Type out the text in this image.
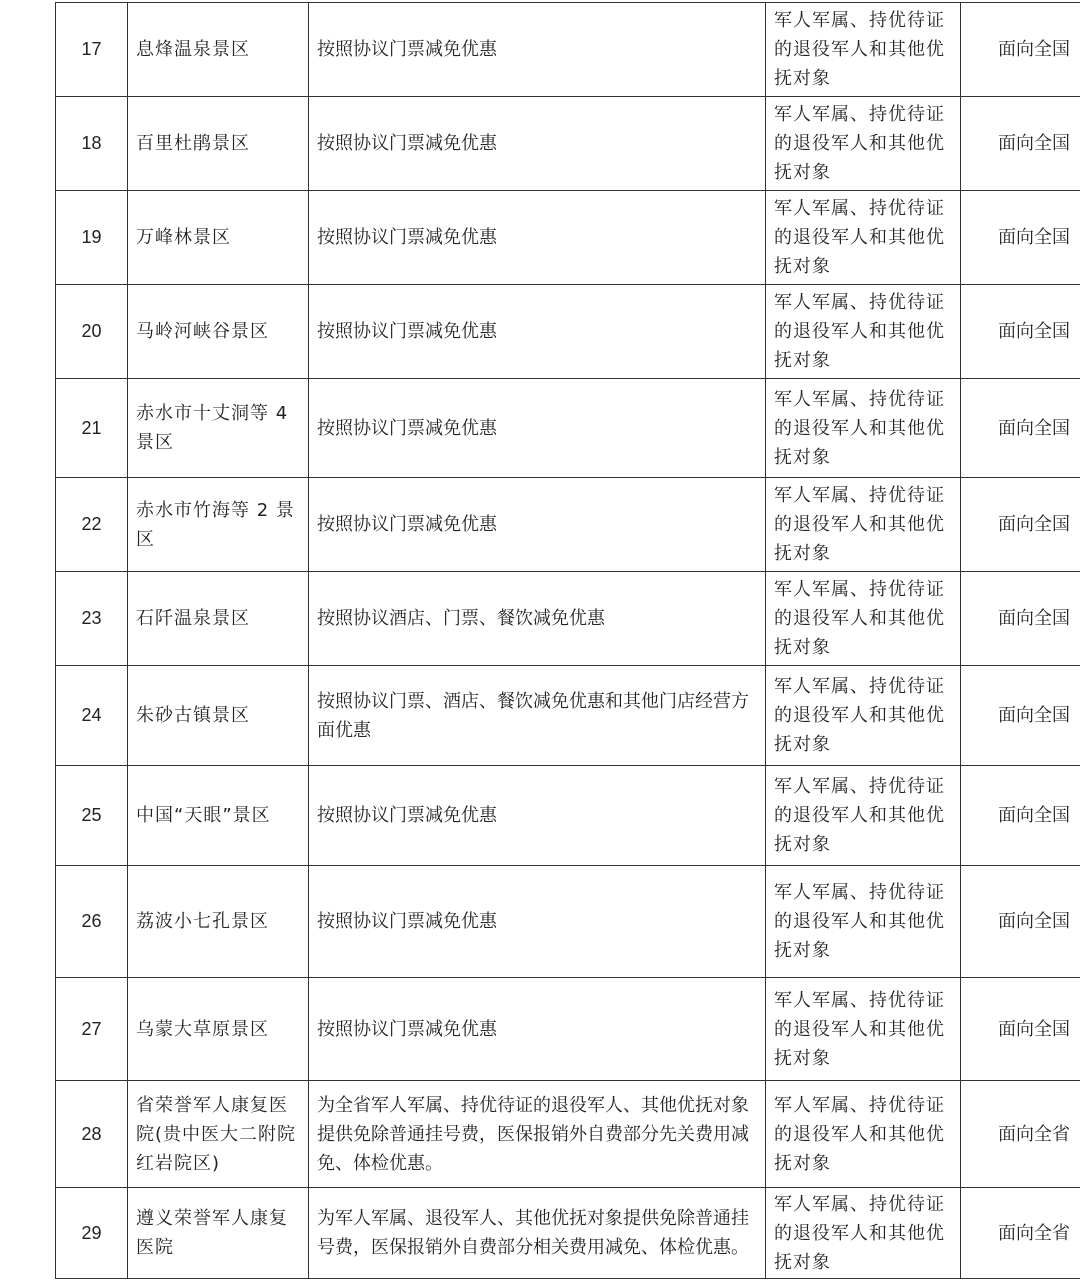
17	息烽温泉景区	按照协议门票减免优惠	军人军属、持优待证的退役军人和其他优抚对象	面向全国
18	百里杜鹃景区	按照协议门票减免优惠	军人军属、持优待证的退役军人和其他优抚对象	面向全国
19	万峰林景区	按照协议门票减免优惠	军人军属、持优待证的退役军人和其他优抚对象	面向全国
20	马岭河峡谷景区	按照协议门票减免优惠	军人军属、持优待证的退役军人和其他优抚对象	面向全国
21	赤水市十丈洞等 4 景区	按照协议门票减免优惠	军人军属、持优待证的退役军人和其他优抚对象	面向全国
22	赤水市竹海等 2 景区	按照协议门票减免优惠	军人军属、持优待证的退役军人和其他优抚对象	面向全国
23	石阡温泉景区	按照协议酒店、门票、餐饮减免优惠	军人军属、持优待证的退役军人和其他优抚对象	面向全国
24	朱砂古镇景区	按照协议门票、酒店、餐饮减免优惠和其他门店经营方面优惠	军人军属、持优待证的退役军人和其他优抚对象	面向全国
25	中国“天眼”景区	按照协议门票减免优惠	军人军属、持优待证的退役军人和其他优抚对象	面向全国
26	荔波小七孔景区	按照协议门票减免优惠	军人军属、持优待证的退役军人和其他优抚对象	面向全国
27	乌蒙大草原景区	按照协议门票减免优惠	军人军属、持优待证的退役军人和其他优抚对象	面向全国
28	省荣誉军人康复医院(贵中医大二附院红岩院区)	为全省军人军属、持优待证的退役军人、其他优抚对象提供免除普通挂号费，医保报销外自费部分先关费用减免、体检优惠。	军人军属、持优待证的退役军人和其他优抚对象	面向全省
29	遵义荣誉军人康复医院	为军人军属、退役军人、其他优抚对象提供免除普通挂号费，医保报销外自费部分相关费用减免、体检优惠。	军人军属、持优待证的退役军人和其他优抚对象	面向全省
